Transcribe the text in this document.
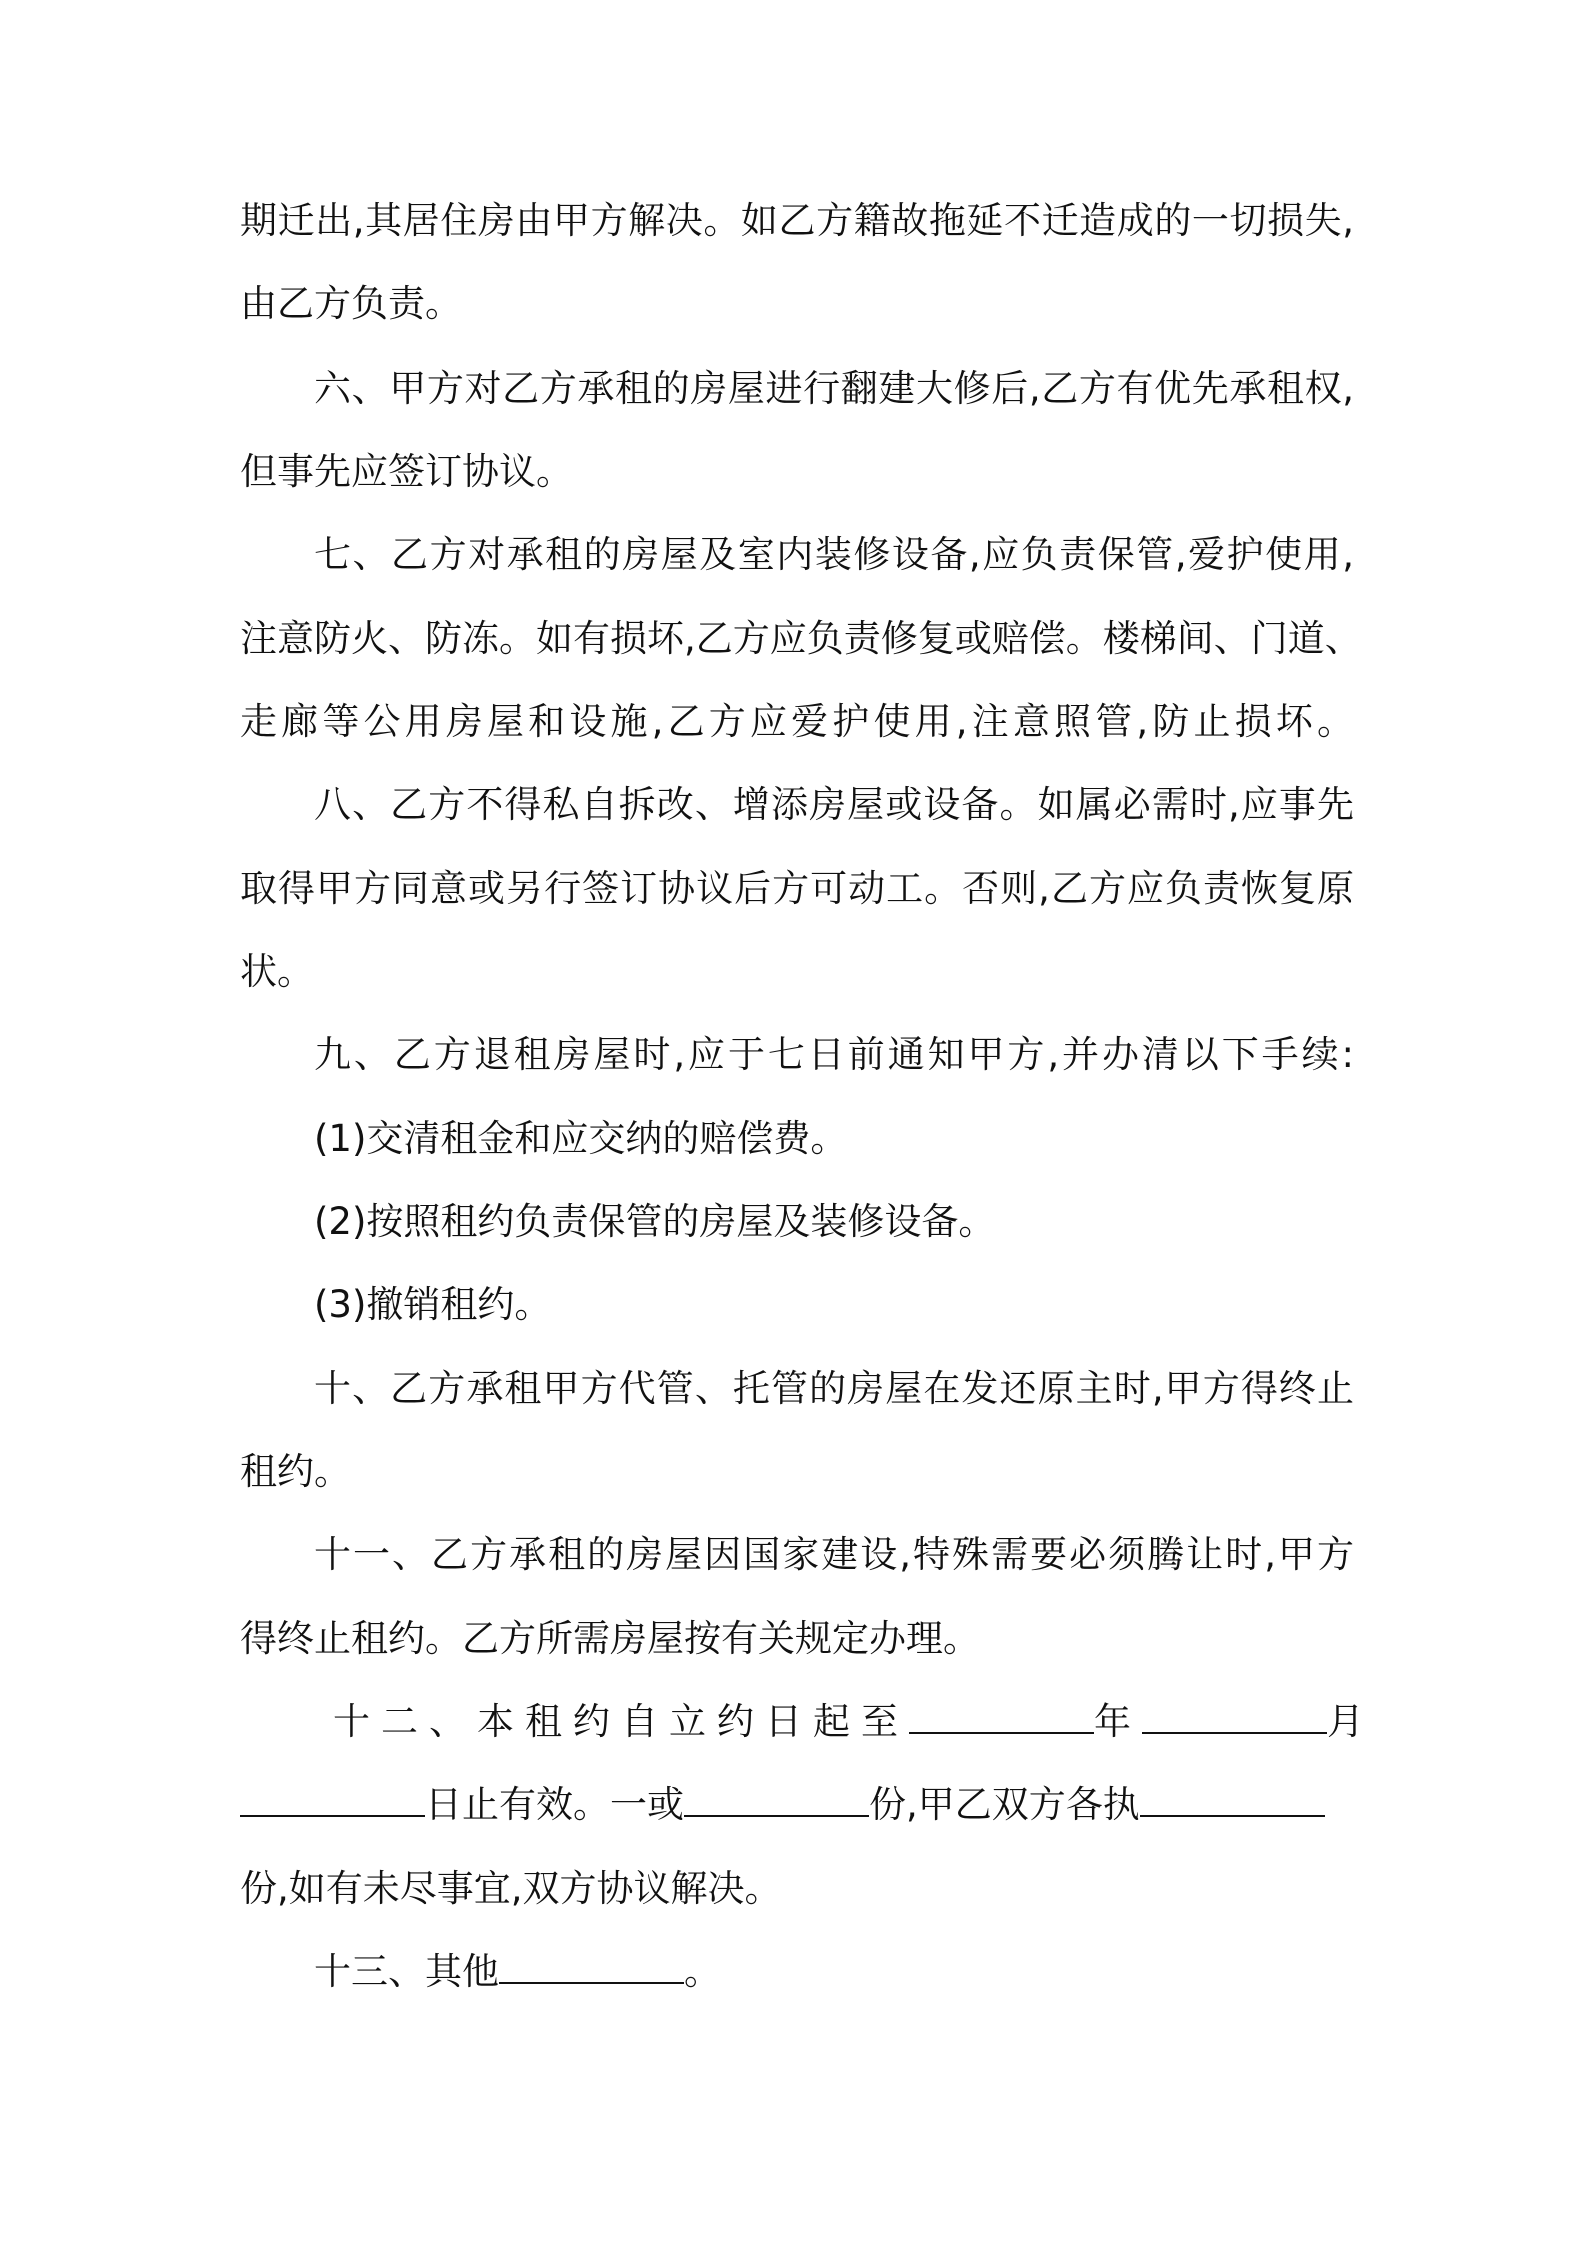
期迁出,其居住房由甲方解决。如乙方籍故拖延不迁造成的一切损失,
由乙方负责。
六、甲方对乙方承租的房屋进行翻建大修后,乙方有优先承租权,
但事先应签订协议。
七、乙方对承租的房屋及室内装修设备,应负责保管,爱护使用,
注意防火、防冻。如有损坏,乙方应负责修复或赔偿。楼梯间、门道、
走廊等公用房屋和设施,乙方应爱护使用,注意照管,防止损坏。
八、乙方不得私自拆改、增添房屋或设备。如属必需时,应事先
取得甲方同意或另行签订协议后方可动工。否则,乙方应负责恢复原
状。
九、乙方退租房屋时,应于七日前通知甲方,并办清以下手续:
(1)交清租金和应交纳的赔偿费。
(2)按照租约负责保管的房屋及装修设备。
(3)撤销租约。
十、乙方承租甲方代管、托管的房屋在发还原主时,甲方得终止
租约。
十一、乙方承租的房屋因国家建设,特殊需要必须腾让时,甲方
得终止租约。乙方所需房屋按有关规定办理。
十二、本租约自立约日起至	年	月
日止有效。一或	份,甲乙双方各执
份,如有未尽事宜,双方协议解决。
十三、其他	。
